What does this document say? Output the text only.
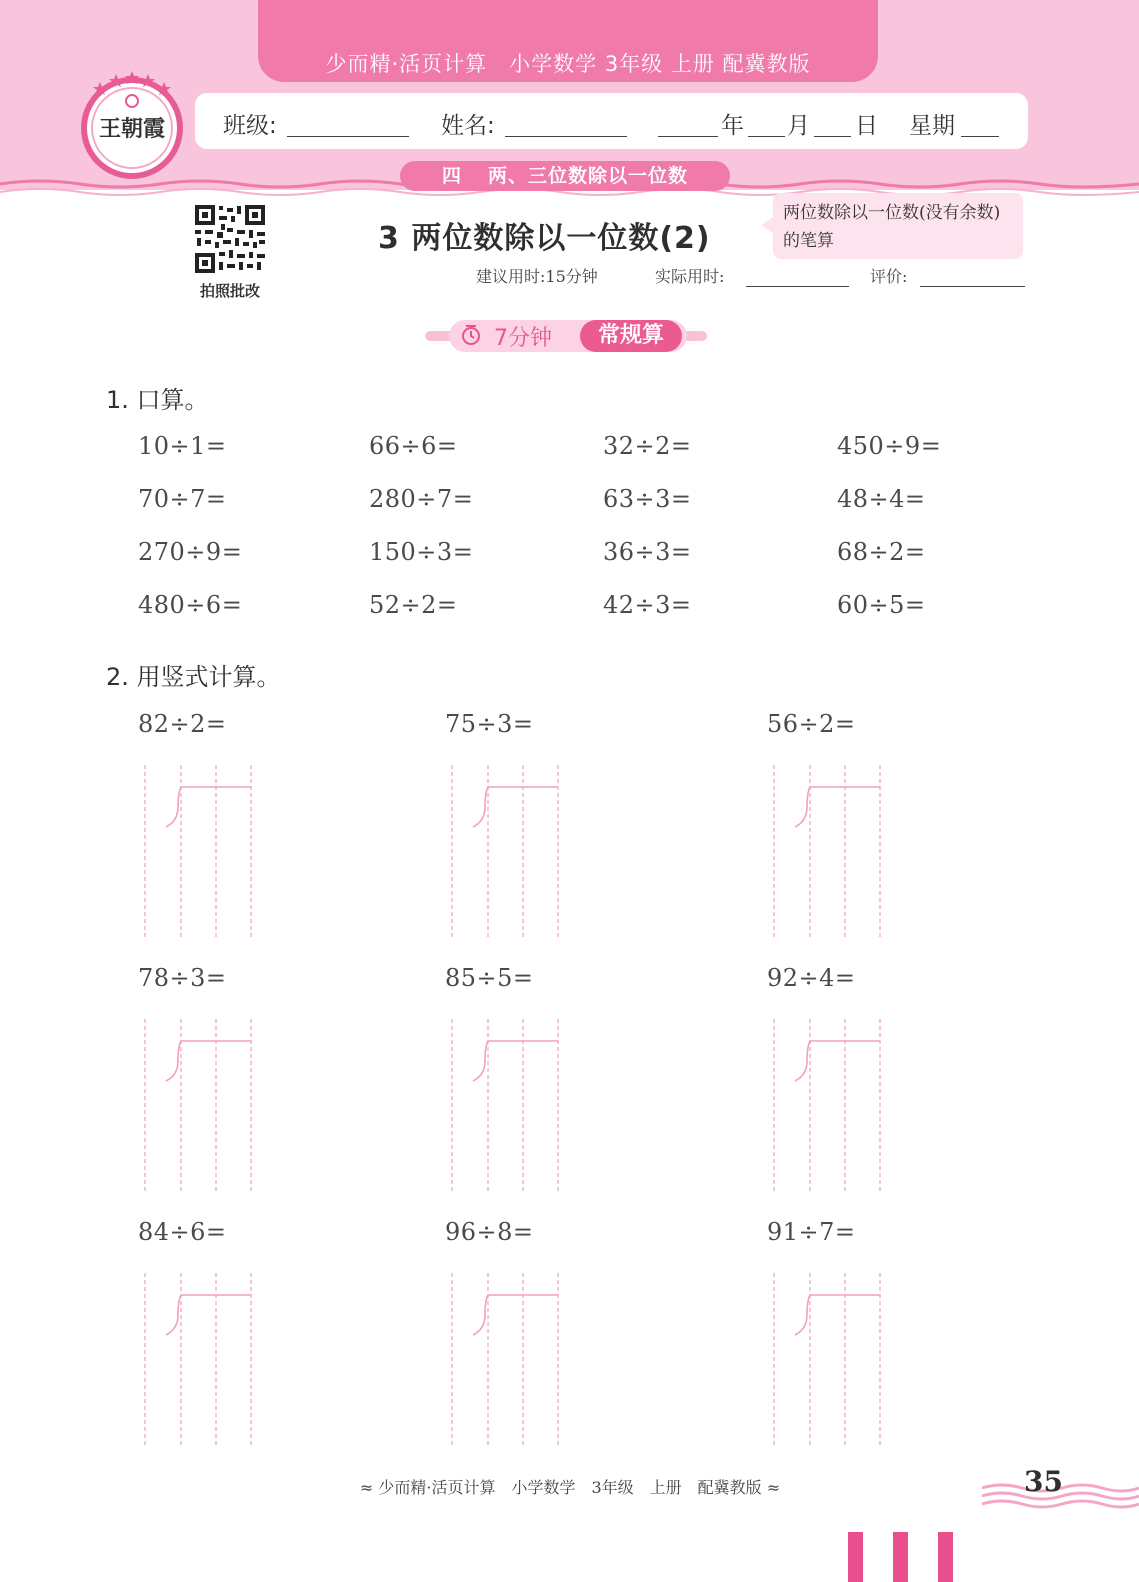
少而精·活页计算　小学数学 3年级 上册 配冀教版
王朝霞	班级:	姓名:	年 月 日 星期
四 两、三位数除以一位数
拍照批改
3 两位数除以一位数(2)
两位数除以一位数(没有余数)的笔算
建议用时:15分钟	实际用时:	评价:
7分钟	常规算
1. 口算。
10÷1=	66÷6=	32÷2=	450÷9=
70÷7=	280÷7=	63÷3=	48÷4=
270÷9=	150÷3=	36÷3=	68÷2=
480÷6=	52÷2=	42÷3=	60÷5=
2. 用竖式计算。
82÷2=	75÷3=	56÷2=
78÷3=	85÷5=	92÷4=
84÷6=	96÷8=	91÷7=
≈ 少而精·活页计算　小学数学　3年级　上册　配冀教版 ≈	35
